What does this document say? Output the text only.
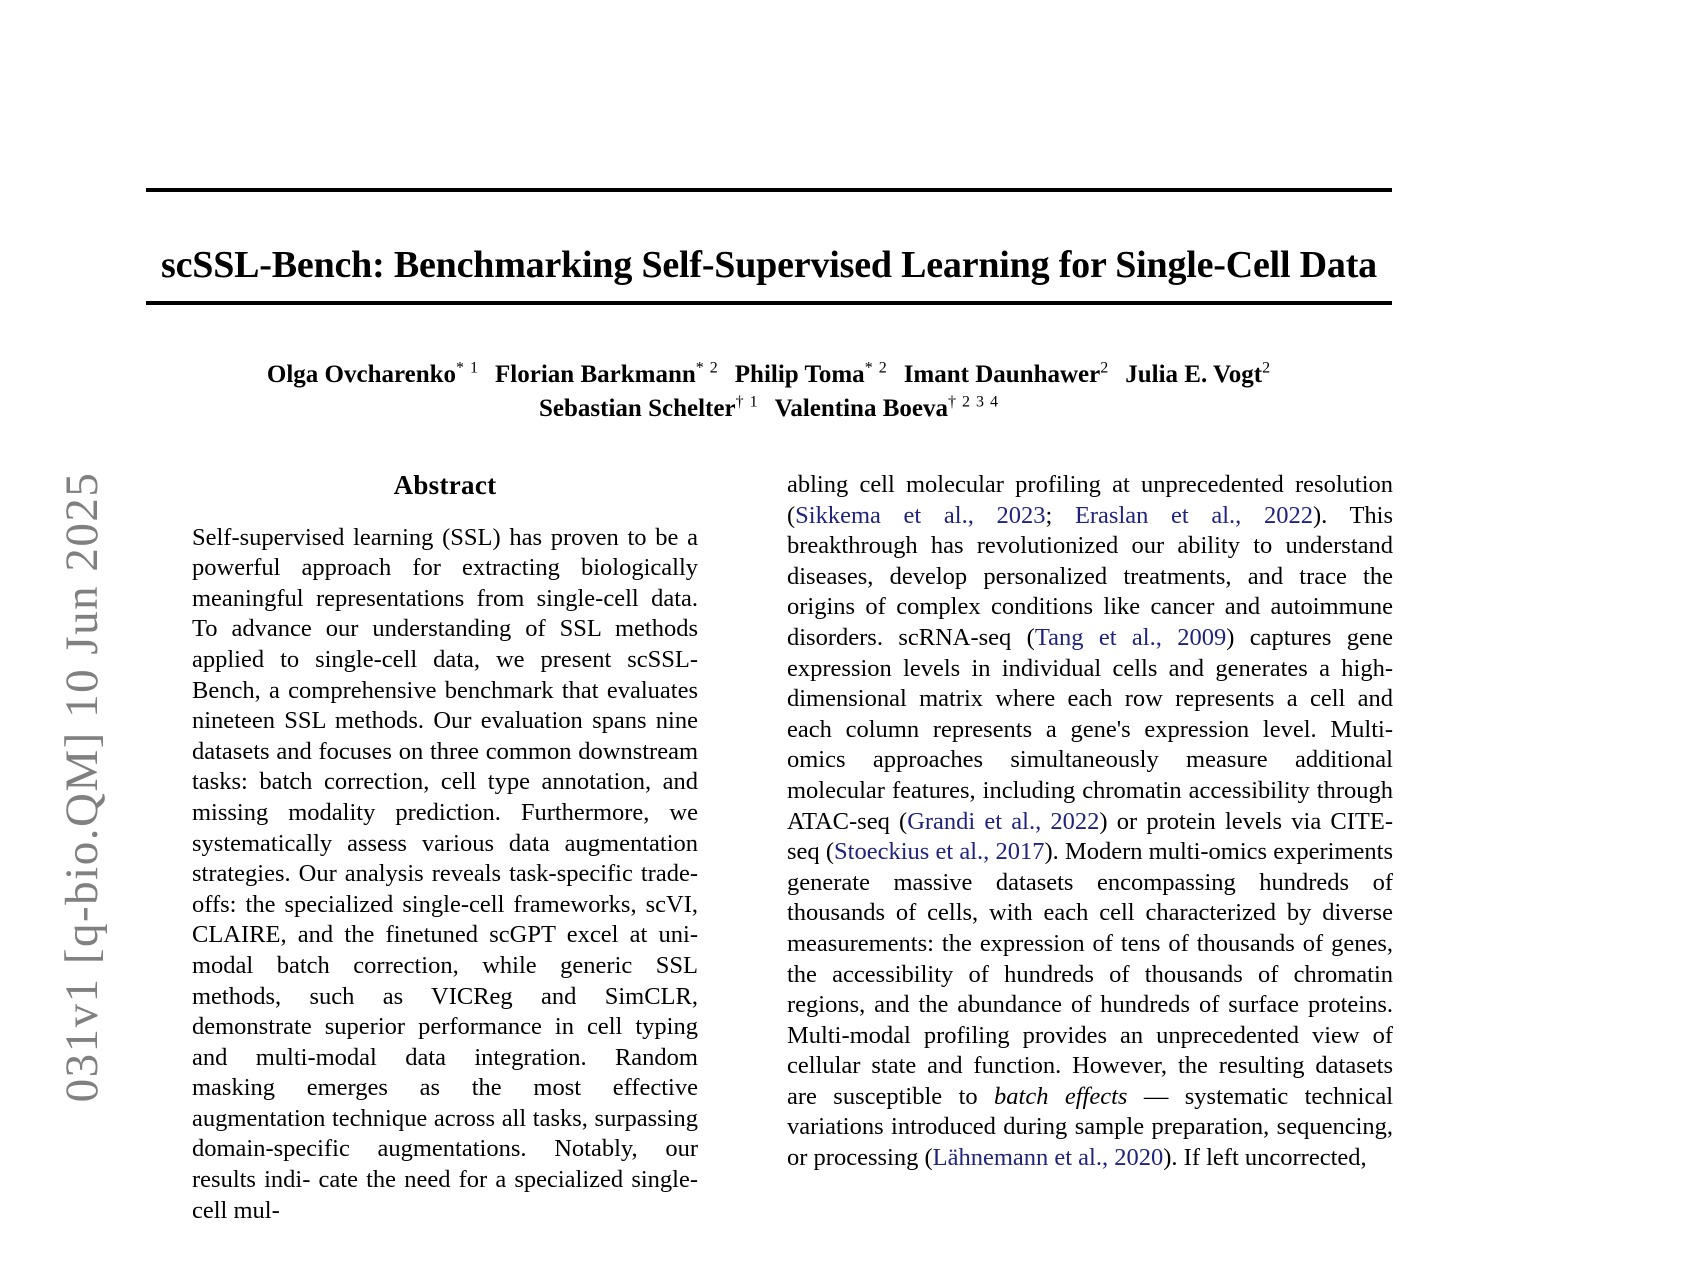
031v1 [q-bio.QM] 10 Jun 2025
scSSL-Bench: Benchmarking Self-Supervised Learning for Single-Cell Data
Olga Ovcharenko$^{* 1}$ Florian Barkmann$^{* 2}$ Philip Toma$^{* 2}$ Imant Daunhawer$^2$ Julia E. Vogt$^2$
Sebastian Schelter$^{\dagger 1}$ Valentina Boeva$^{\dagger 2 3 4}$
Abstract

Self-supervised learning (SSL) has proven to be a powerful approach for extracting biologically meaningful representations from single-cell data. To advance our understanding of SSL methods applied to single-cell data, we present scSSL-Bench, a comprehensive benchmark that evaluates nineteen SSL methods. Our evaluation spans nine datasets and focuses on three common downstream tasks: batch correction, cell type annotation, and missing modality prediction. Furthermore, we systematically assess various data augmentation strategies. Our analysis reveals task-specific trade-offs: the specialized single-cell frameworks, scVI, CLAIRE, and the finetuned scGPT excel at uni-modal batch correction, while generic SSL methods, such as VICReg and SimCLR, demonstrate superior performance in cell typing and multi-modal data integration. Random masking emerges as the most effective augmentation technique across all tasks, surpassing domain-specific augmentations. Notably, our results indi- cate the need for a specialized single-cell mul-

abling cell molecular profiling at unprecedented resolution (Sikkema et al., 2023; Eraslan et al., 2022). This breakthrough has revolutionized our ability to understand diseases, develop personalized treatments, and trace the origins of complex conditions like cancer and autoimmune disorders. scRNA-seq (Tang et al., 2009) captures gene expression levels in individual cells and generates a high-dimensional matrix where each row represents a cell and each column represents a gene's expression level. Multi-omics approaches simultaneously measure additional molecular features, including chromatin accessibility through ATAC-seq (Grandi et al., 2022) or protein levels via CITE-seq (Stoeckius et al., 2017). Modern multi-omics experiments generate massive datasets encompassing hundreds of thousands of cells, with each cell characterized by diverse measurements: the expression of tens of thousands of genes, the accessibility of hundreds of thousands of chromatin regions, and the abundance of hundreds of surface proteins. Multi-modal profiling provides an unprecedented view of cellular state and function. However, the resulting datasets are susceptible to batch effects — systematic technical variations introduced during sample preparation, sequencing, or processing (Lähnemann et al., 2020). If left uncorrected,
